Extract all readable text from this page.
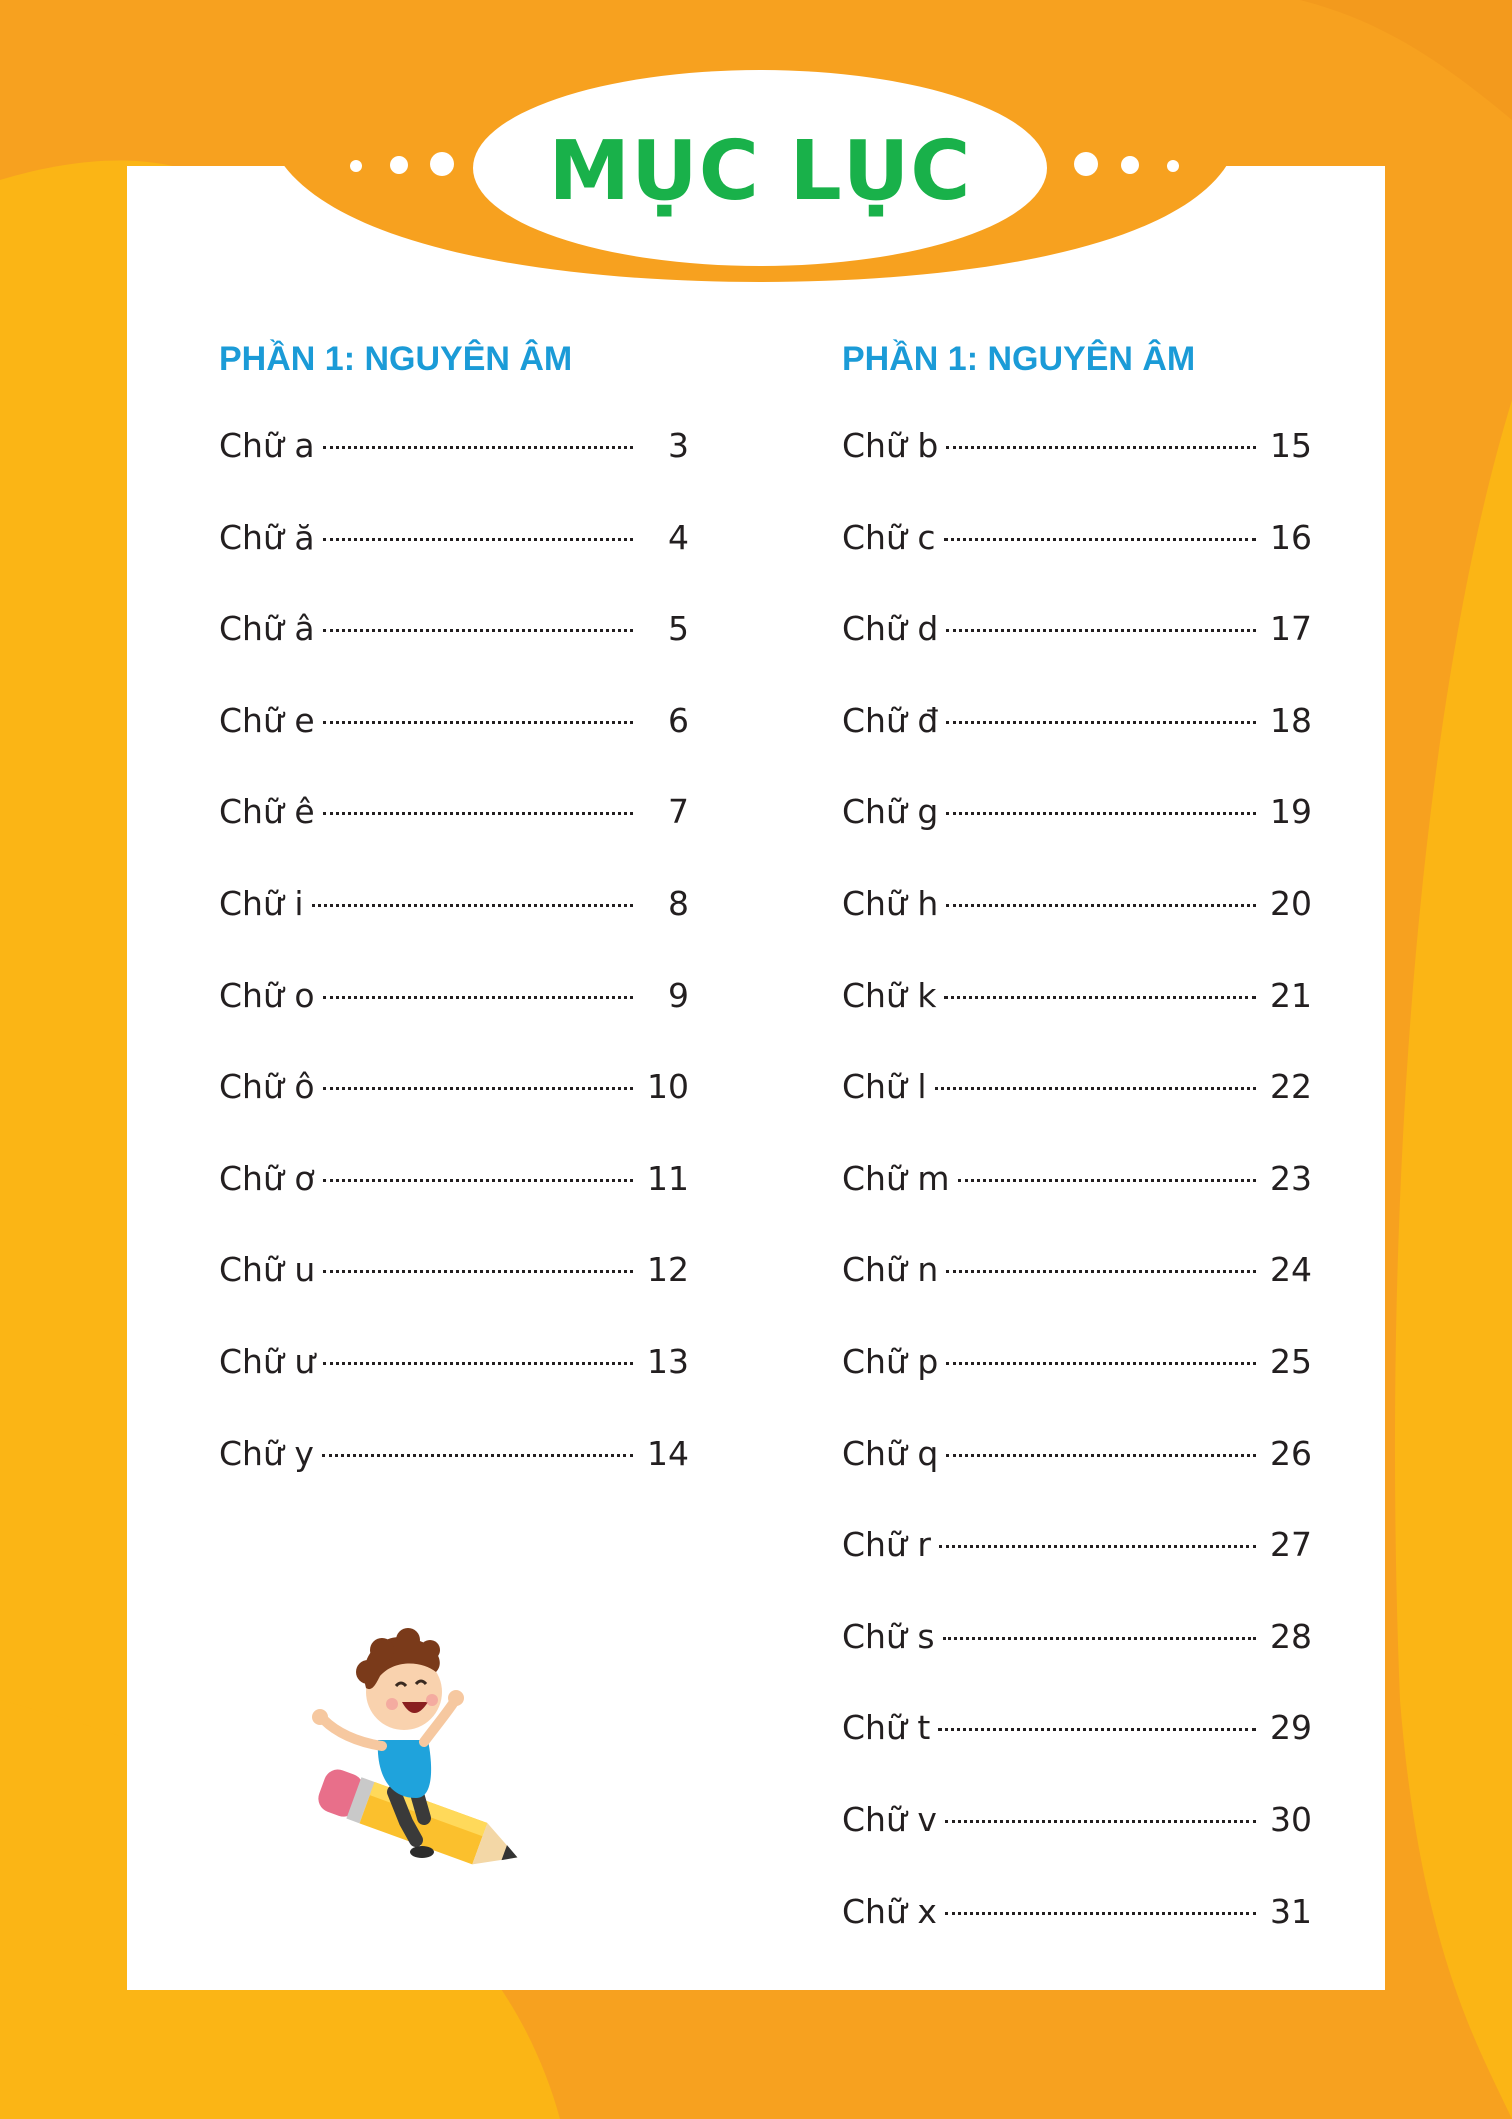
MỤC LỤC
PHẦN 1: NGUYÊN ÂM
Chữ a	3
Chữ ă	4
Chữ â	5
Chữ e	6
Chữ ê	7
Chữ i	8
Chữ o	9
Chữ ô	10
Chữ ơ	11
Chữ u	12
Chữ ư	13
Chữ y	14
PHẦN 1: NGUYÊN ÂM
Chữ b	15
Chữ c	16
Chữ d	17
Chữ đ	18
Chữ g	19
Chữ h	20
Chữ k	21
Chữ l	22
Chữ m	23
Chữ n	24
Chữ p	25
Chữ q	26
Chữ r	27
Chữ s	28
Chữ t	29
Chữ v	30
Chữ x	31
